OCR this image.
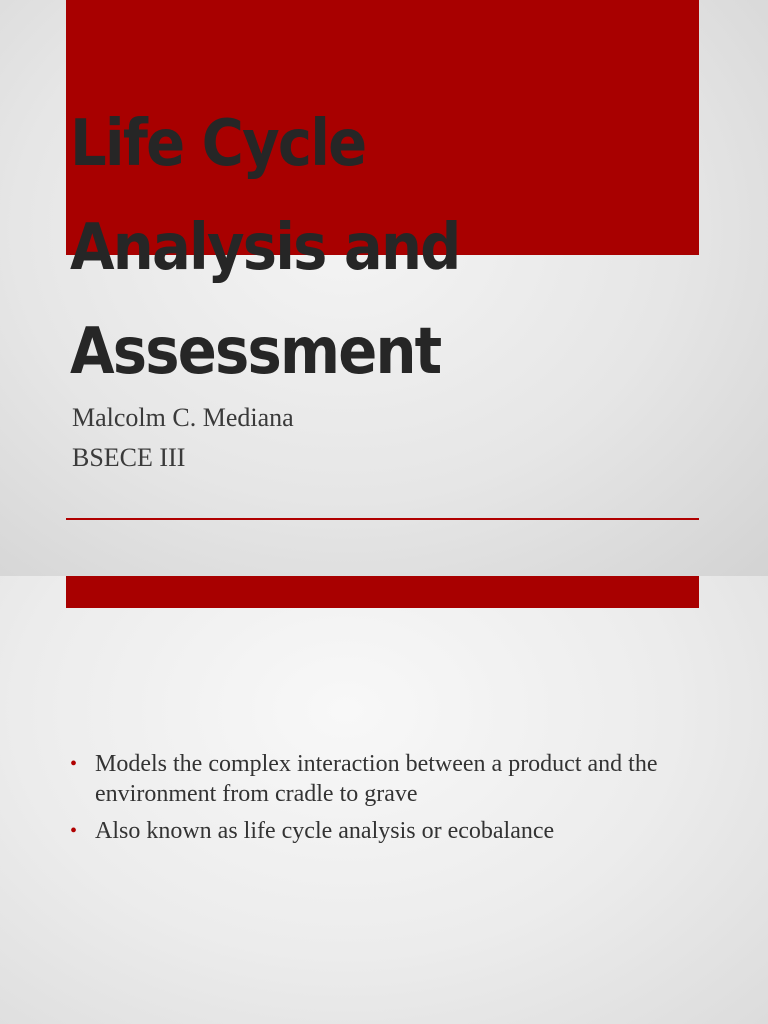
Life Cycle
Analysis and
Assessment
Malcolm C. Mediana
BSECE III
• Models the complex interaction between a product and the environment from cradle to grave
• Also known as life cycle analysis or ecobalance
